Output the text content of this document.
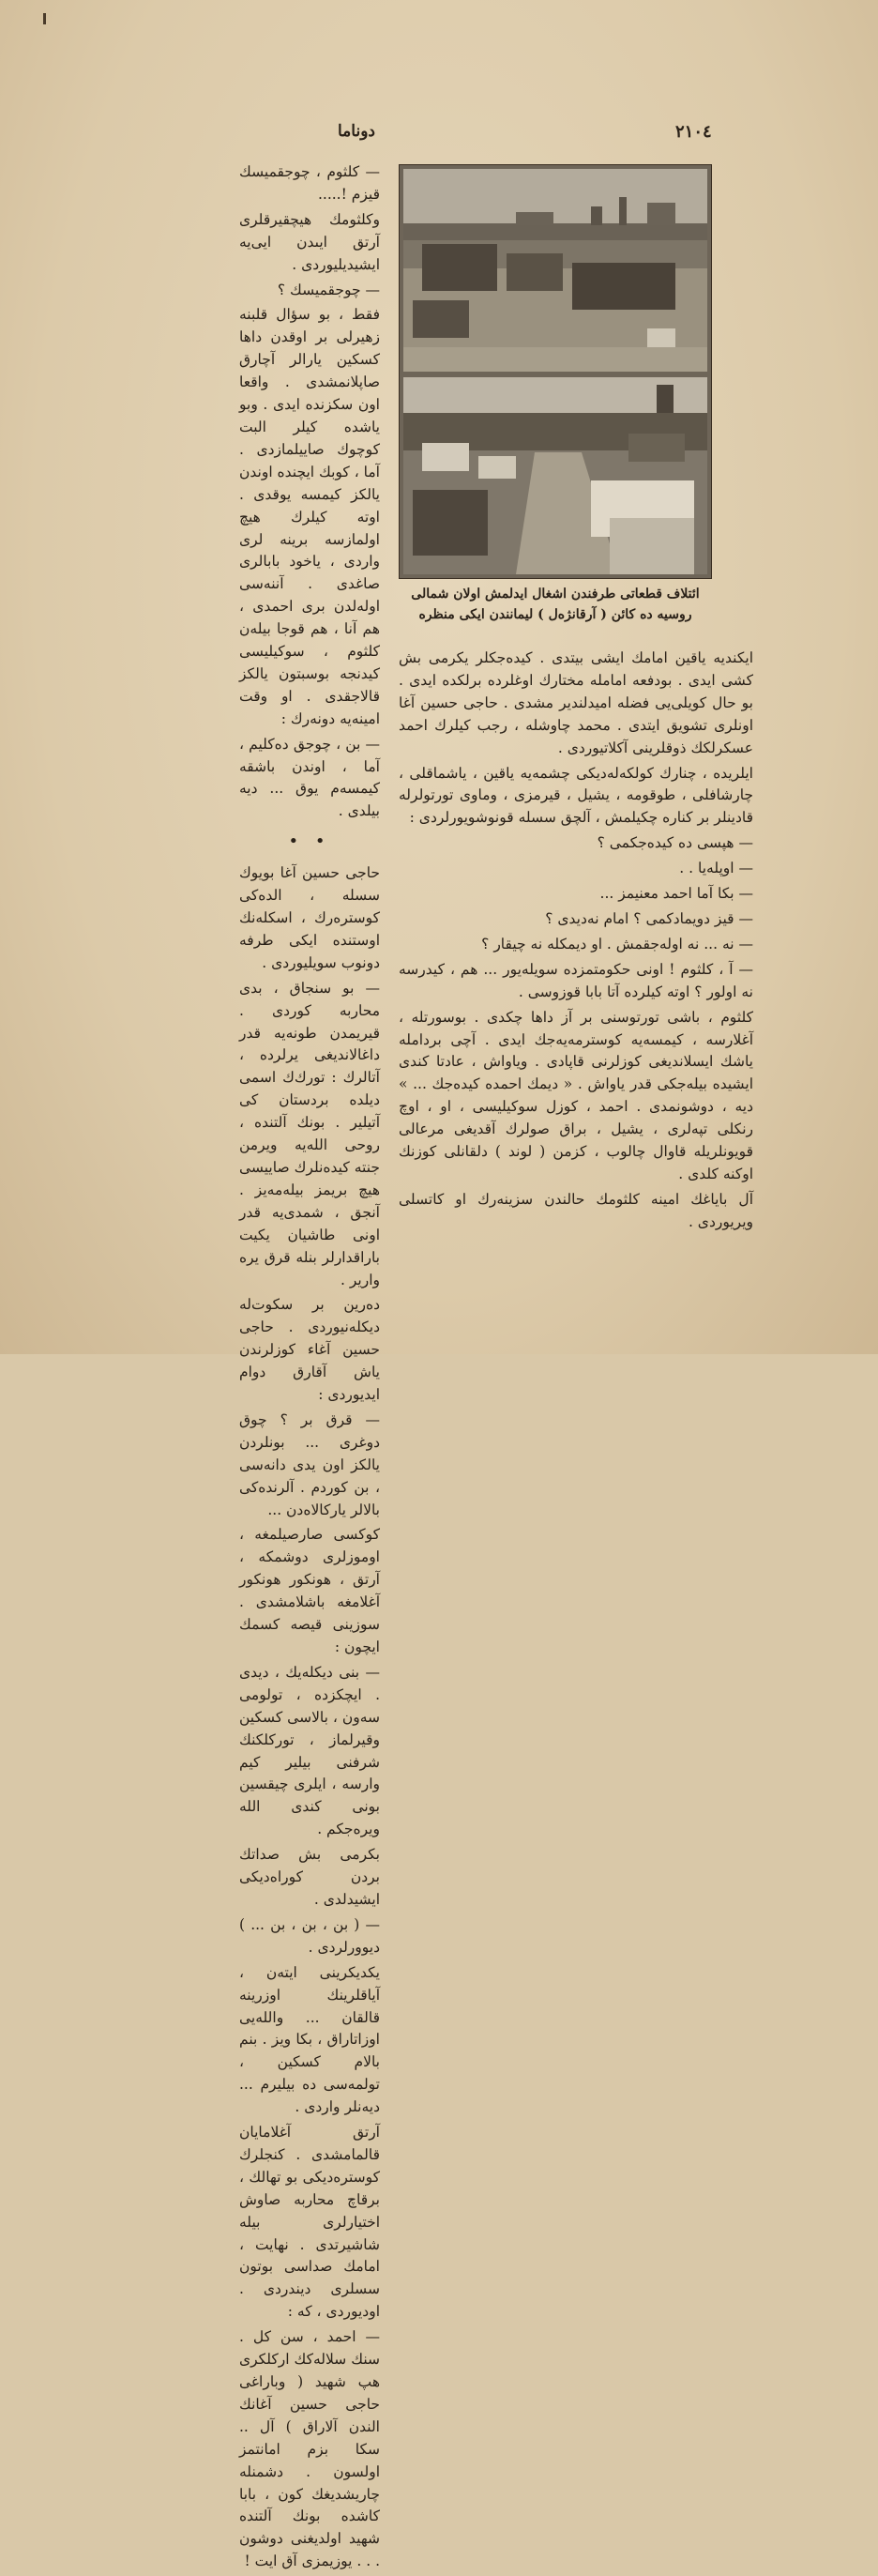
دوناما	۲۱۰٤

— كلثوم ، چوجقميسك قيزم !.....

وكلثومك هيچقيرقلرى آرتق ايىدن ايى‌يە ايشيديليوردى .

— چوجقميسك ؟

فقط ، بو سؤال قلبنه زهيرلى بر اوقدن داها كسكين يارالر آچارق صاپلانمشدى . واقعا اون سكزنده ايدى . وبو ياشده كيلر البت كوچوك صاييلمازدى . آما ، كوبك ايچنده اوندن يالكز كيمسه يوقدى . اوته كيلرك هيچ اولمازسه برينه لرى واردى ، ياخود بابالرى صاغدى . آننه‌سى اوله‌لدن برى احمدى ، هم آنا ، هم قوجا بيلەن كلثوم ، سوكيليسى كيدنجه بوسبتون يالكز قالاجقدى . او وقت امينه‌يه دونه‌رك :

— بن ، چوجق ده‌كليم ، آما ، اوندن باشقه كيمسه‌م يوق ... ديه بيلدى .

• •

حاجى حسين آغا بويوك سسله ، الده‌كى كوسترەرك ، اسكله‌نك اوستنده ايكى طرفه دونوب سويليوردى .

— بو سنجاق ، بدى محاربه كوردى . قيريمدن طونه‌يه قدر داغالانديغى يرلرده ، آتالرك : تورك‌ك اسمى ديلده بردستان كى آتيلير . بونك آلتنده ، روحى الله‌يه ويرمن جنته كيده‌نلرك صاييسى هيچ بريمز بيلەمه‌يز . آنجق ، شمدى‌يه قدر اونى طاشيان يكيت باراقدارلر بنله قرق يره وارير .

ده‌رين بر سكوت‌له ديكله‌نيوردى . حاجى حسين آغاء كوزلرندن ياش آقارق دوام ايديوردى :

— قرق بر ؟ چوق دوغرى ... بونلردن يالكز اون يدى دانه‌سى ، بن كوردم . آلرنده‌كى بالالر ياركالاه‌دن ...

كوكسى صارصيلمغه ، اوموزلرى دوشمكه ، آرتق ، هونكور هونكور آغلامغه باشلامشدى . سوزينى قيصه كسمك ايچون :

— بنى ديكلەيك ، ديدى . ايچكزده ، تولومى سەون ، بالاسى كسكين وقيرلماز ، توركلكنك شرفنى بيلير كيم وارسه ، ايلرى چيقسين بونى كندى الله ويرەجكم .

بكرمى بش صداتك بردن كوراه‌ديكى ايشيدلدى .

— ( بن ، بن ، بن ... ) ديوورلردى .

يكديكرينى ايتەن ، آياقلرينك اوزرينه قالقان ... والله‌يى اوزاتاراق ، بكا ويز . بنم بالام كسكين ، تولمه‌سى ده بيليرم ... ديه‌نلر واردى .

آرتق آغلامايان قالمامشدى . كنجلرك كوستره‌ديكى بو تهالك ، برقاچ محاربه صاوش اختيارلرى بيله شاشيرتدى . نهايت ، امامك صداسى بوتون سسلرى ديندردى . اوديوردى ، كه :

— احمد ، سن كل . سنك سلاله‌كك اركلكرى هپ شهيد ( وباراغى حاجى حسين آغانك الندن آلاراق ) آل .. سكا بزم امانتمز اولسون . دشمنله چاريشديغك كون ، بابا كاشده بونك آلتنده شهيد اولديغنى دوشون . . . يوزيمزى آق ايت !

ائتلاف قطعاتى طرفندن اشغال ايدلمش اولان شمالى روسيه ده كائن ( آرقانژەل ) ليمانندن ايكى منظره

ايكنديه ياقين امامك ايشى بيتدى . كيده‌جكلر يكرمى بش كشى ايدى . بودفعه امامله مختارك اوغلرده برلكده ايدى . بو حال كويلى‌يى فضله اميدلندير مشدى . حاجى حسين آغا اونلرى تشويق ايتدى . محمد چاوشله ، رجب كيلرك احمد عسكرلكك ذوقلرينى آكلاتيوردى .

ايلريده ، چنارك كولكه‌له‌ديكى چشمه‌يه ياقين ، ياشماقلى ، چارشافلى ، طوقومه ، يشيل ، قيرمزى ، وماوى تورتولرله قادينلر بر كناره چكيلمش ، آلچق سسله قونوشويورلردى :

— هپسى ده كيده‌جكمى ؟

— اوپله‌يا . .

— بكا آما احمد معنيمز ...

— قيز دويمادكمى ؟ امام نه‌ديدى ؟

— نه ... نه اوله‌جقمش . او ديمكله نه چيقار ؟

— آ ، كلثوم ! اونى حكومتمزده سويله‌يور ... هم ، كيدرسه نه اولور ؟ اوته كيلرده آتا بابا قوزوسى .

كلثوم ، باشى تورتوسنى بر آز داها چكدى . بوسورتله ، آغلارسه ، كيمسه‌يه كوسترمەيەجك ايدى . آچى بردامله ياشك ايسلانديغى كوزلرنى قاپادى . وياواش ، عادتا كندى ايشيده بيله‌جكى قدر ياواش . « ديمك احمده كيده‌جك ... » ديه ، دوشونمدى . احمد ، كوزل سوكيليسى ، او ، اوچ رنكلى تپه‌لرى ، يشيل ، براق صولرك آقديغى مرعالى قويونلريله قاوال چالوب ، كزمن ( لوند ) دلقانلى كوزنك اوكنه كلدى .

آل باياغك امينه كلثومك حالندن سزينه‌رك او كاتسلى ويريوردى .
